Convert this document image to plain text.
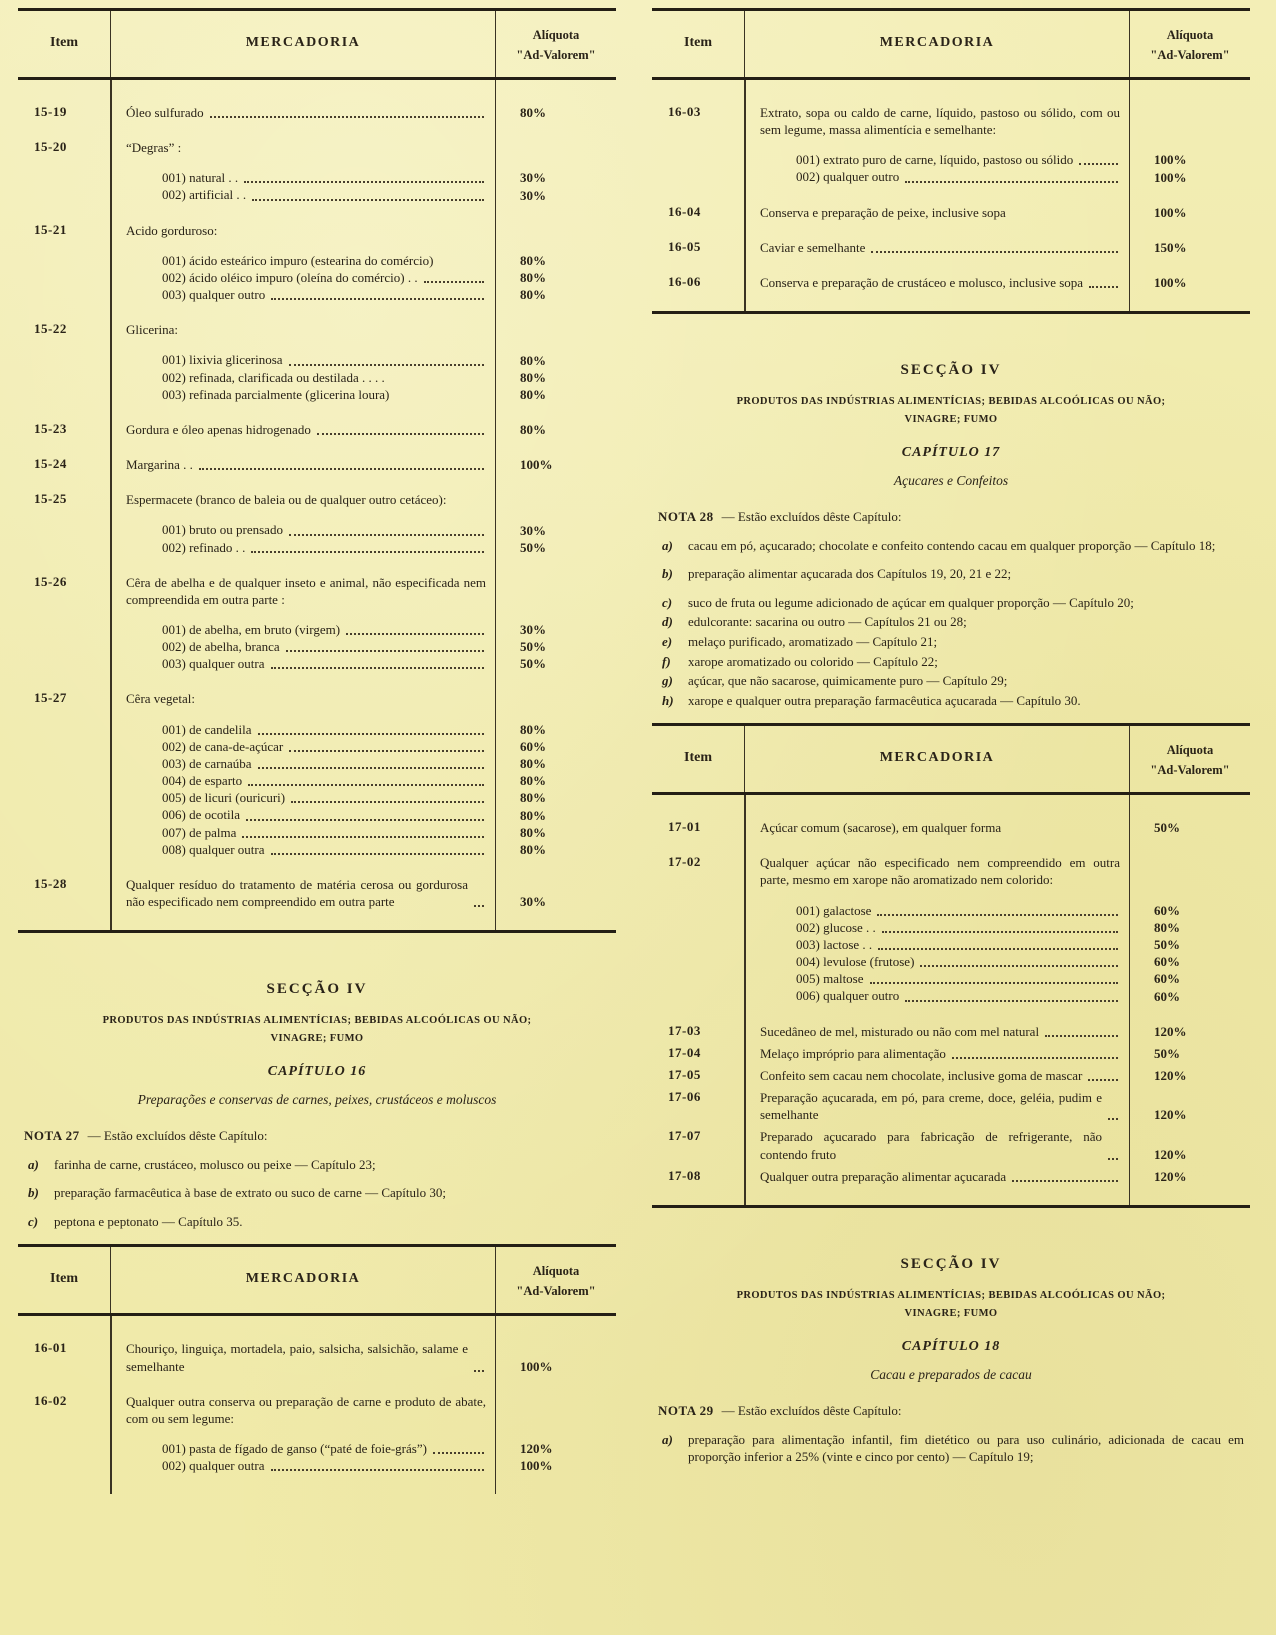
Item	MERCADORIA	Alíquota
"Ad-Valorem"
15-19	Óleo sulfurado	80%
15-20	“Degras” :
001) natural . .	30%
002) artificial . .	30%
15-21	Acido gorduroso:
001) ácido esteárico impuro (estearina do comércio)	80%
002) ácido oléico impuro (oleína do comércio) . .	80%
003) qualquer outro	80%
15-22	Glicerina:
001) lixivia glicerinosa	80%
002) refinada, clarificada ou destilada . . . .	80%
003) refinada parcialmente (glicerina loura)	80%
15-23	Gordura e óleo apenas hidrogenado	80%
15-24	Margarina . .	100%
15-25	Espermacete (branco de baleia ou de qualquer outro cetáceo):
001) bruto ou prensado	30%
002) refinado . .	50%
15-26	Cêra de abelha e de qualquer inseto e animal, não especificada nem compreendida em outra parte :
001) de abelha, em bruto (virgem)	30%
002) de abelha, branca	50%
003) qualquer outra	50%
15-27	Cêra vegetal:
001) de candelila	80%
002) de cana-de-açúcar	60%
003) de carnaúba	80%
004) de esparto	80%
005) de licuri (ouricuri)	80%
006) de ocotila	80%
007) de palma	80%
008) qualquer outra	80%
15-28	Qualquer resíduo do tratamento de matéria cerosa ou gordurosa não especificado nem compreendido em outra parte	30%
SECÇÃO IV
PRODUTOS DAS INDÚSTRIAS ALIMENTÍCIAS; BEBIDAS ALCOÓLICAS OU NÃO;
VINAGRE; FUMO
CAPÍTULO 16
Preparações e conservas de carnes, peixes, crustáceos e moluscos
NOTA 27 — Estão excluídos dêste Capítulo:
a)	farinha de carne, crustáceo, molusco ou peixe — Capítulo 23;
b)	preparação farmacêutica à base de extrato ou suco de carne — Capítulo 30;
c)	peptona e peptonato — Capítulo 35.
Item	MERCADORIA	Alíquota
"Ad-Valorem"
16-01	Chouriço, linguiça, mortadela, paio, salsicha, salsichão, salame e semelhante	100%
16-02	Qualquer outra conserva ou preparação de carne e produto de abate, com ou sem legume:
001) pasta de fígado de ganso (“paté de foie-grás”)	120%
002) qualquer outra	100%
Item	MERCADORIA	Alíquota
"Ad-Valorem"
16-03	Extrato, sopa ou caldo de carne, líquido, pastoso ou sólido, com ou sem legume, massa alimentícia e semelhante:
001) extrato puro de carne, líquido, pastoso ou sólido	100%
002) qualquer outro	100%
16-04	Conserva e preparação de peixe, inclusive sopa	100%
16-05	Caviar e semelhante	150%
16-06	Conserva e preparação de crustáceo e molusco, inclusive sopa	100%
SECÇÃO IV
PRODUTOS DAS INDÚSTRIAS ALIMENTÍCIAS; BEBIDAS ALCOÓLICAS OU NÃO;
VINAGRE; FUMO
CAPÍTULO 17
Açucares e Confeitos
NOTA 28 — Estão excluídos dêste Capítulo:
a)	cacau em pó, açucarado; chocolate e confeito contendo cacau em qualquer proporção — Capítulo 18;
b)	preparação alimentar açucarada dos Capítulos 19, 20, 21 e 22;
c)	suco de fruta ou legume adicionado de açúcar em qualquer proporção — Capítulo 20;
d)	edulcorante: sacarina ou outro — Capítulos 21 ou 28;
e)	melaço purificado, aromatizado — Capítulo 21;
f)	xarope aromatizado ou colorido — Capítulo 22;
g)	açúcar, que não sacarose, quimicamente puro — Capítulo 29;
h)	xarope e qualquer outra preparação farmacêutica açucarada — Capítulo 30.
Item	MERCADORIA	Alíquota
"Ad-Valorem"
17-01	Açúcar comum (sacarose), em qualquer forma	50%
17-02	Qualquer açúcar não especificado nem compreendido em outra parte, mesmo em xarope não aromatizado nem colorido:
001) galactose	60%
002) glucose . .	80%
003) lactose . .	50%
004) levulose (frutose)	60%
005) maltose	60%
006) qualquer outro	60%
17-03	Sucedâneo de mel, misturado ou não com mel natural	120%
17-04	Melaço impróprio para alimentação	50%
17-05	Confeito sem cacau nem chocolate, inclusive goma de mascar	120%
17-06	Preparação açucarada, em pó, para creme, doce, geléia, pudim e semelhante	120%
17-07	Preparado açucarado para fabricação de refrigerante, não contendo fruto	120%
17-08	Qualquer outra preparação alimentar açucarada	120%
SECÇÃO IV
PRODUTOS DAS INDÚSTRIAS ALIMENTÍCIAS; BEBIDAS ALCOÓLICAS OU NÃO;
VINAGRE; FUMO
CAPÍTULO 18
Cacau e preparados de cacau
NOTA 29 — Estão excluídos dêste Capítulo:
a)	preparação para alimentação infantil, fim dietético ou para uso culinário, adicionada de cacau em proporção inferior a 25% (vinte e cinco por cento) — Capítulo 19;
